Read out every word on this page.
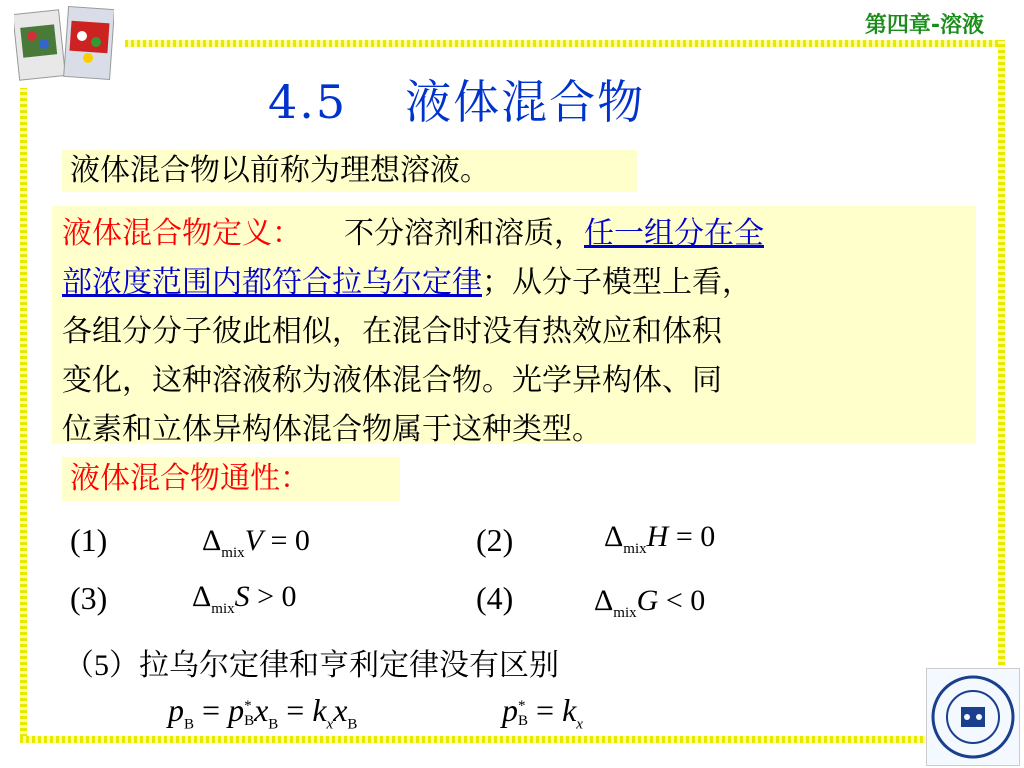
第四章-溶液
4.5 液体混合物
液体混合物以前称为理想溶液。
液体混合物定义： 不分溶剂和溶质，任一组分在全
部浓度范围内都符合拉乌尔定律；从分子模型上看，
各组分分子彼此相似，在混合时没有热效应和体积
变化，这种溶液称为液体混合物。光学异构体、同
位素和立体异构体混合物属于这种类型。
液体混合物通性：
(1)	$\Delta_{mix}V = 0$	(2)	$\Delta_{mix}H = 0$
(3)	$\Delta_{mix}S > 0$	(4)	$\Delta_{mix}G < 0$
（5）拉乌尔定律和亨利定律没有区别
$p_B = p$ *
B $x_B = k_xx_B$	p *
$B = k_x$
